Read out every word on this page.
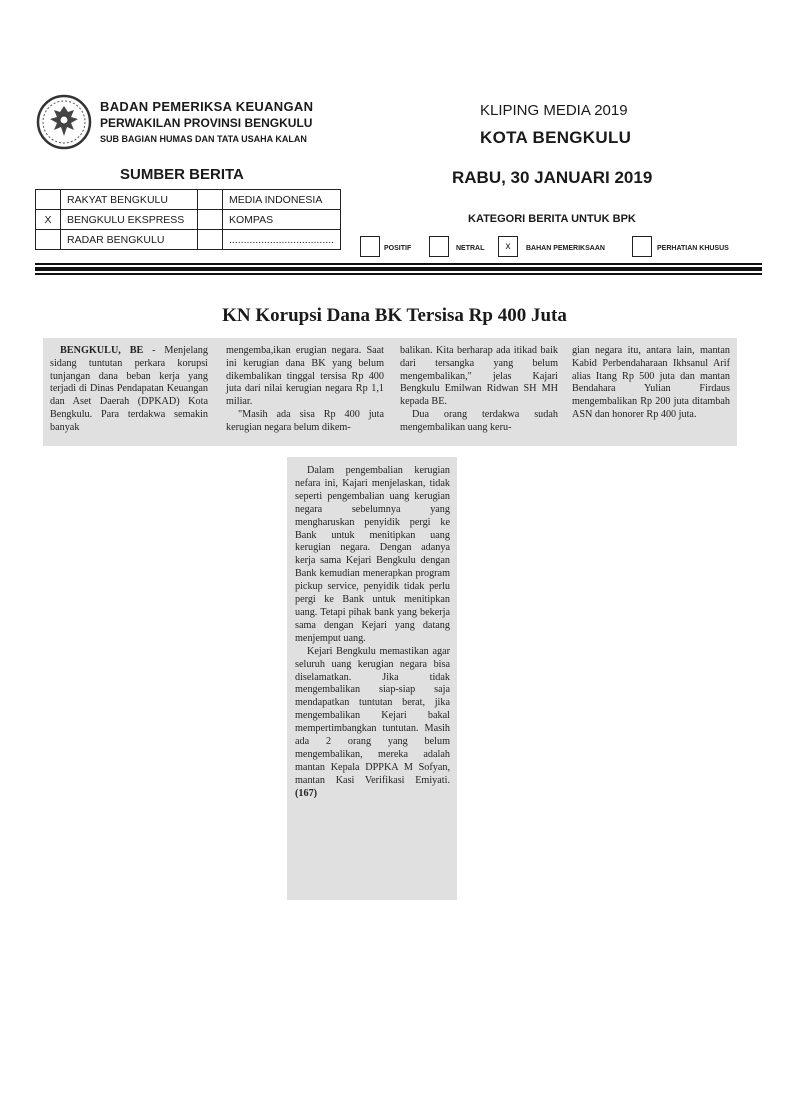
BADAN PEMERIKSA KEUANGAN
PERWAKILAN PROVINSI BENGKULU
SUB BAGIAN HUMAS DAN TATA USAHA KALAN
KLIPING MEDIA 2019
KOTA BENGKULU
RABU, 30 JANUARI 2019
SUMBER BERITA
	RAKYAT BENGKULU		MEDIA INDONESIA
X	BENGKULU EKSPRESS		KOMPAS
	RADAR BENGKULU		....................................
KATEGORI BERITA UNTUK BPK
POSITIF	NETRAL	x	BAHAN PEMERIKSAAN	PERHATIAN KHUSUS
KN Korupsi Dana BK Tersisa Rp 400 Juta

BENGKULU, BE - Menjelang sidang tuntutan perkara korupsi tunjangan dana beban kerja yang terjadi di Dinas Pendapatan Keuangan dan Aset Daerah (DPKAD) Kota Bengkulu. Para terdakwa semakin banyak

mengemba,ikan erugian negara. Saat ini kerugian dana BK yang belum dikembalikan tinggal tersisa Rp 400 juta dari nilai kerugian negara Rp 1,1 miliar.

"Masih ada sisa Rp 400 juta kerugian negara belum dikem-

balikan. Kita berharap ada itikad baik dari tersangka yang belum mengembalikan," jelas Kajari Bengkulu Emilwan Ridwan SH MH kepada BE.

Dua orang terdakwa sudah mengembalikan uang keru-

gian negara itu, antara lain, mantan Kabid Perbendaharaan Ikhsanul Arif alias Itang Rp 500 juta dan mantan Bendahara Yulian Firdaus mengembalikan Rp 200 juta ditambah ASN dan honorer Rp 400 juta.

Dalam pengembalian kerugian nefara ini, Kajari menjelaskan, tidak seperti pengembalian uang kerugian negara sebelumnya yang mengharuskan penyidik pergi ke Bank untuk menitipkan uang kerugian negara. Dengan adanya kerja sama Kejari Bengkulu dengan Bank kemudian menerapkan program pickup service, penyidik tidak perlu pergi ke Bank untuk menitipkan uang. Tetapi pihak bank yang bekerja sama dengan Kejari yang datang menjemput uang.

Kejari Bengkulu memastikan agar seluruh uang kerugian negara bisa diselamatkan. Jika tidak mengembalikan siap-siap saja mendapatkan tuntutan berat, jika mengembalikan Kejari bakal mempertimbangkan tuntutan. Masih ada 2 orang yang belum mengembalikan, mereka adalah mantan Kepala DPPKA M Sofyan, mantan Kasi Verifikasi Emiyati. (167)
